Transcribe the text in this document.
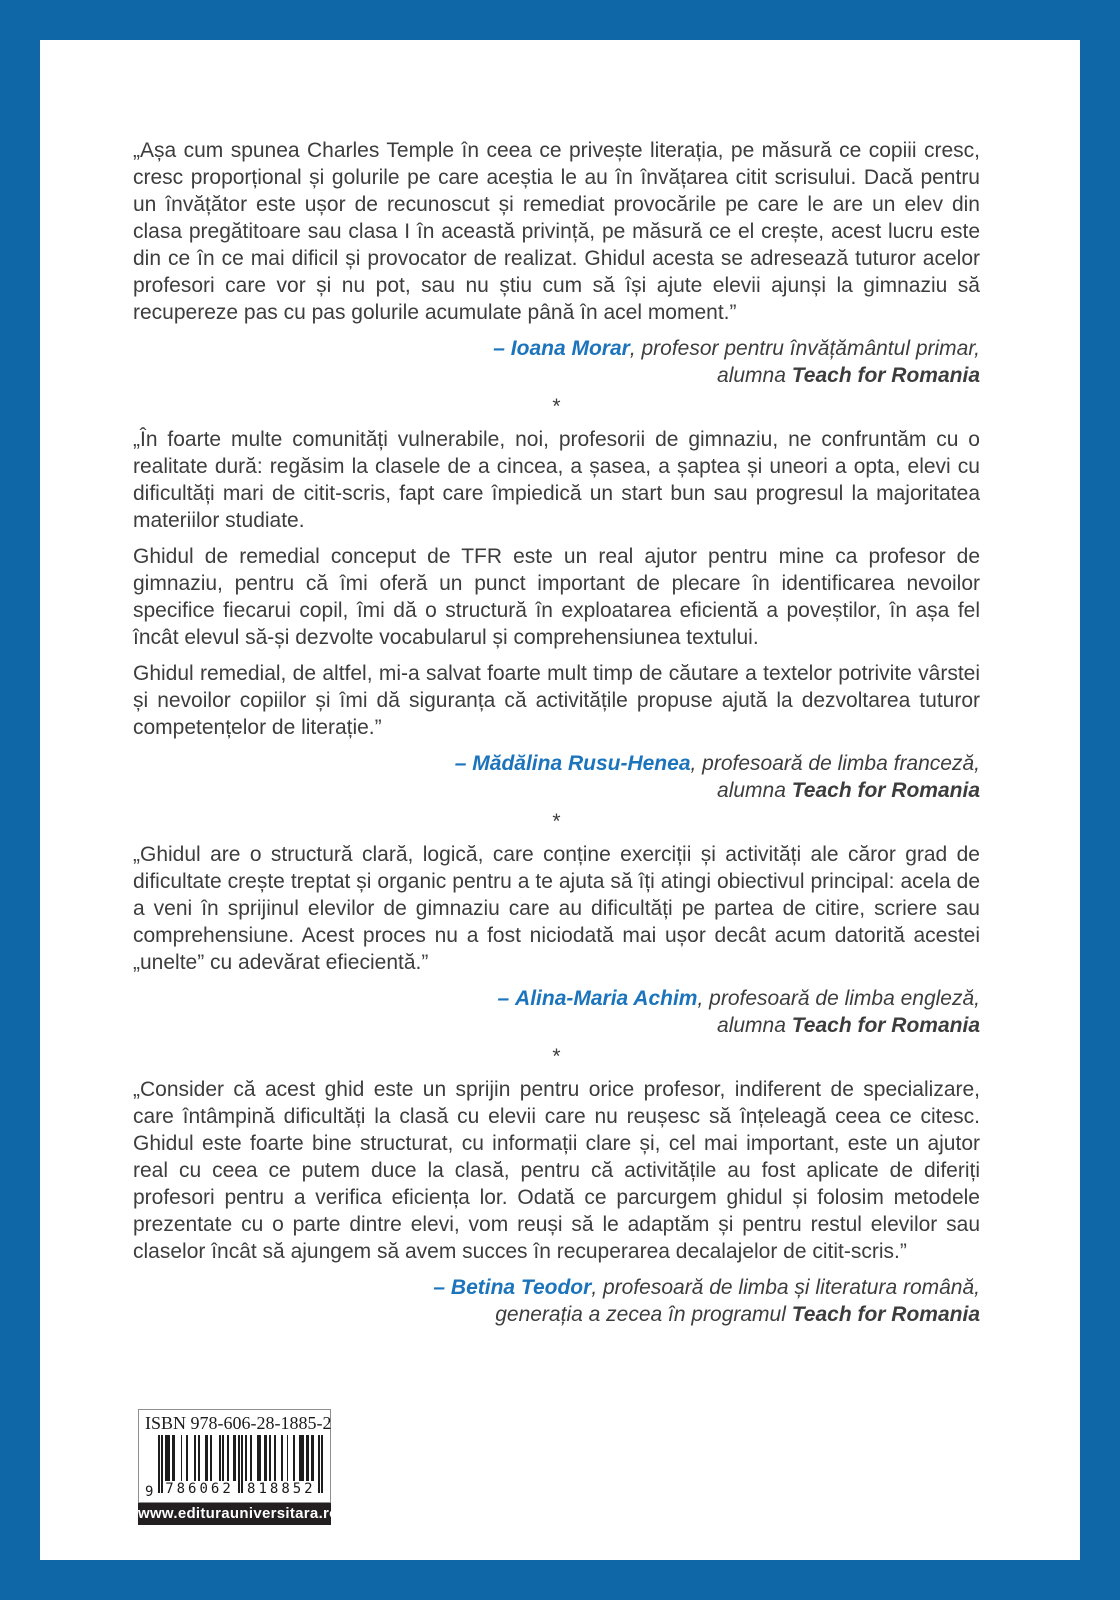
„Așa cum spunea Charles Temple în ceea ce privește literația, pe măsură ce copiii cresc, cresc proporțional și golurile pe care aceștia le au în învățarea citit scrisului. Dacă pentru un învățător este ușor de recunoscut și remediat provocările pe care le are un elev din clasa pregătitoare sau clasa I în această privință, pe măsură ce el crește, acest lucru este din ce în ce mai dificil și provocator de realizat. Ghidul acesta se adresează tuturor acelor profesori care vor și nu pot, sau nu știu cum să își ajute elevii ajunși la gimnaziu să recupereze pas cu pas golurile acumulate până în acel moment.”

– Ioana Morar, profesor pentru învățământul primar,
alumna Teach for Romania
*

„În foarte multe comunități vulnerabile, noi, profesorii de gimnaziu, ne confruntăm cu o realitate dură: regăsim la clasele de a cincea, a șasea, a șaptea și uneori a opta, elevi cu dificultăți mari de citit-scris, fapt care împiedică un start bun sau progresul la majoritatea materiilor studiate.

Ghidul de remedial conceput de TFR este un real ajutor pentru mine ca profesor de gimnaziu, pentru că îmi oferă un punct important de plecare în identificarea nevoilor specifice fiecarui copil, îmi dă o structură în exploatarea eficientă a poveștilor, în așa fel încât elevul să-și dezvolte vocabularul și comprehensiunea textului.

Ghidul remedial, de altfel, mi-a salvat foarte mult timp de căutare a textelor potrivite vârstei și nevoilor copiilor și îmi dă siguranța că activitățile propuse ajută la dezvoltarea tuturor competențelor de literație.”

– Mădălina Rusu-Henea, profesoară de limba franceză,
alumna Teach for Romania
*

„Ghidul are o structură clară, logică, care conține exerciții și activități ale căror grad de dificultate crește treptat și organic pentru a te ajuta să îți atingi obiectivul principal: acela de a veni în sprijinul elevilor de gimnaziu care au dificultăți pe partea de citire, scriere sau comprehensiune. Acest proces nu a fost niciodată mai ușor decât acum datorită acestei „unelte” cu adevărat efiecientă.”

– Alina-Maria Achim, profesoară de limba engleză,
alumna Teach for Romania
*

„Consider că acest ghid este un sprijin pentru orice profesor, indiferent de specializare, care întâmpină dificultăți la clasă cu elevii care nu reușesc să înțeleagă ceea ce citesc. Ghidul este foarte bine structurat, cu informații clare și, cel mai important, este un ajutor real cu ceea ce putem duce la clasă, pentru că activitățile au fost aplicate de diferiți profesori pentru a verifica eficiența lor. Odată ce parcurgem ghidul și folosim metodele prezentate cu o parte dintre elevi, vom reuși să le adaptăm și pentru restul elevilor sau claselor încât să ajungem să avem succes în recuperarea decalajelor de citit-scris.”

– Betina Teodor, profesoară de limba și literatura română,
generația a zecea în programul Teach for Romania
ISBN 978-606-28-1885-2
9 786062 818852
www.editurauniversitara.ro
